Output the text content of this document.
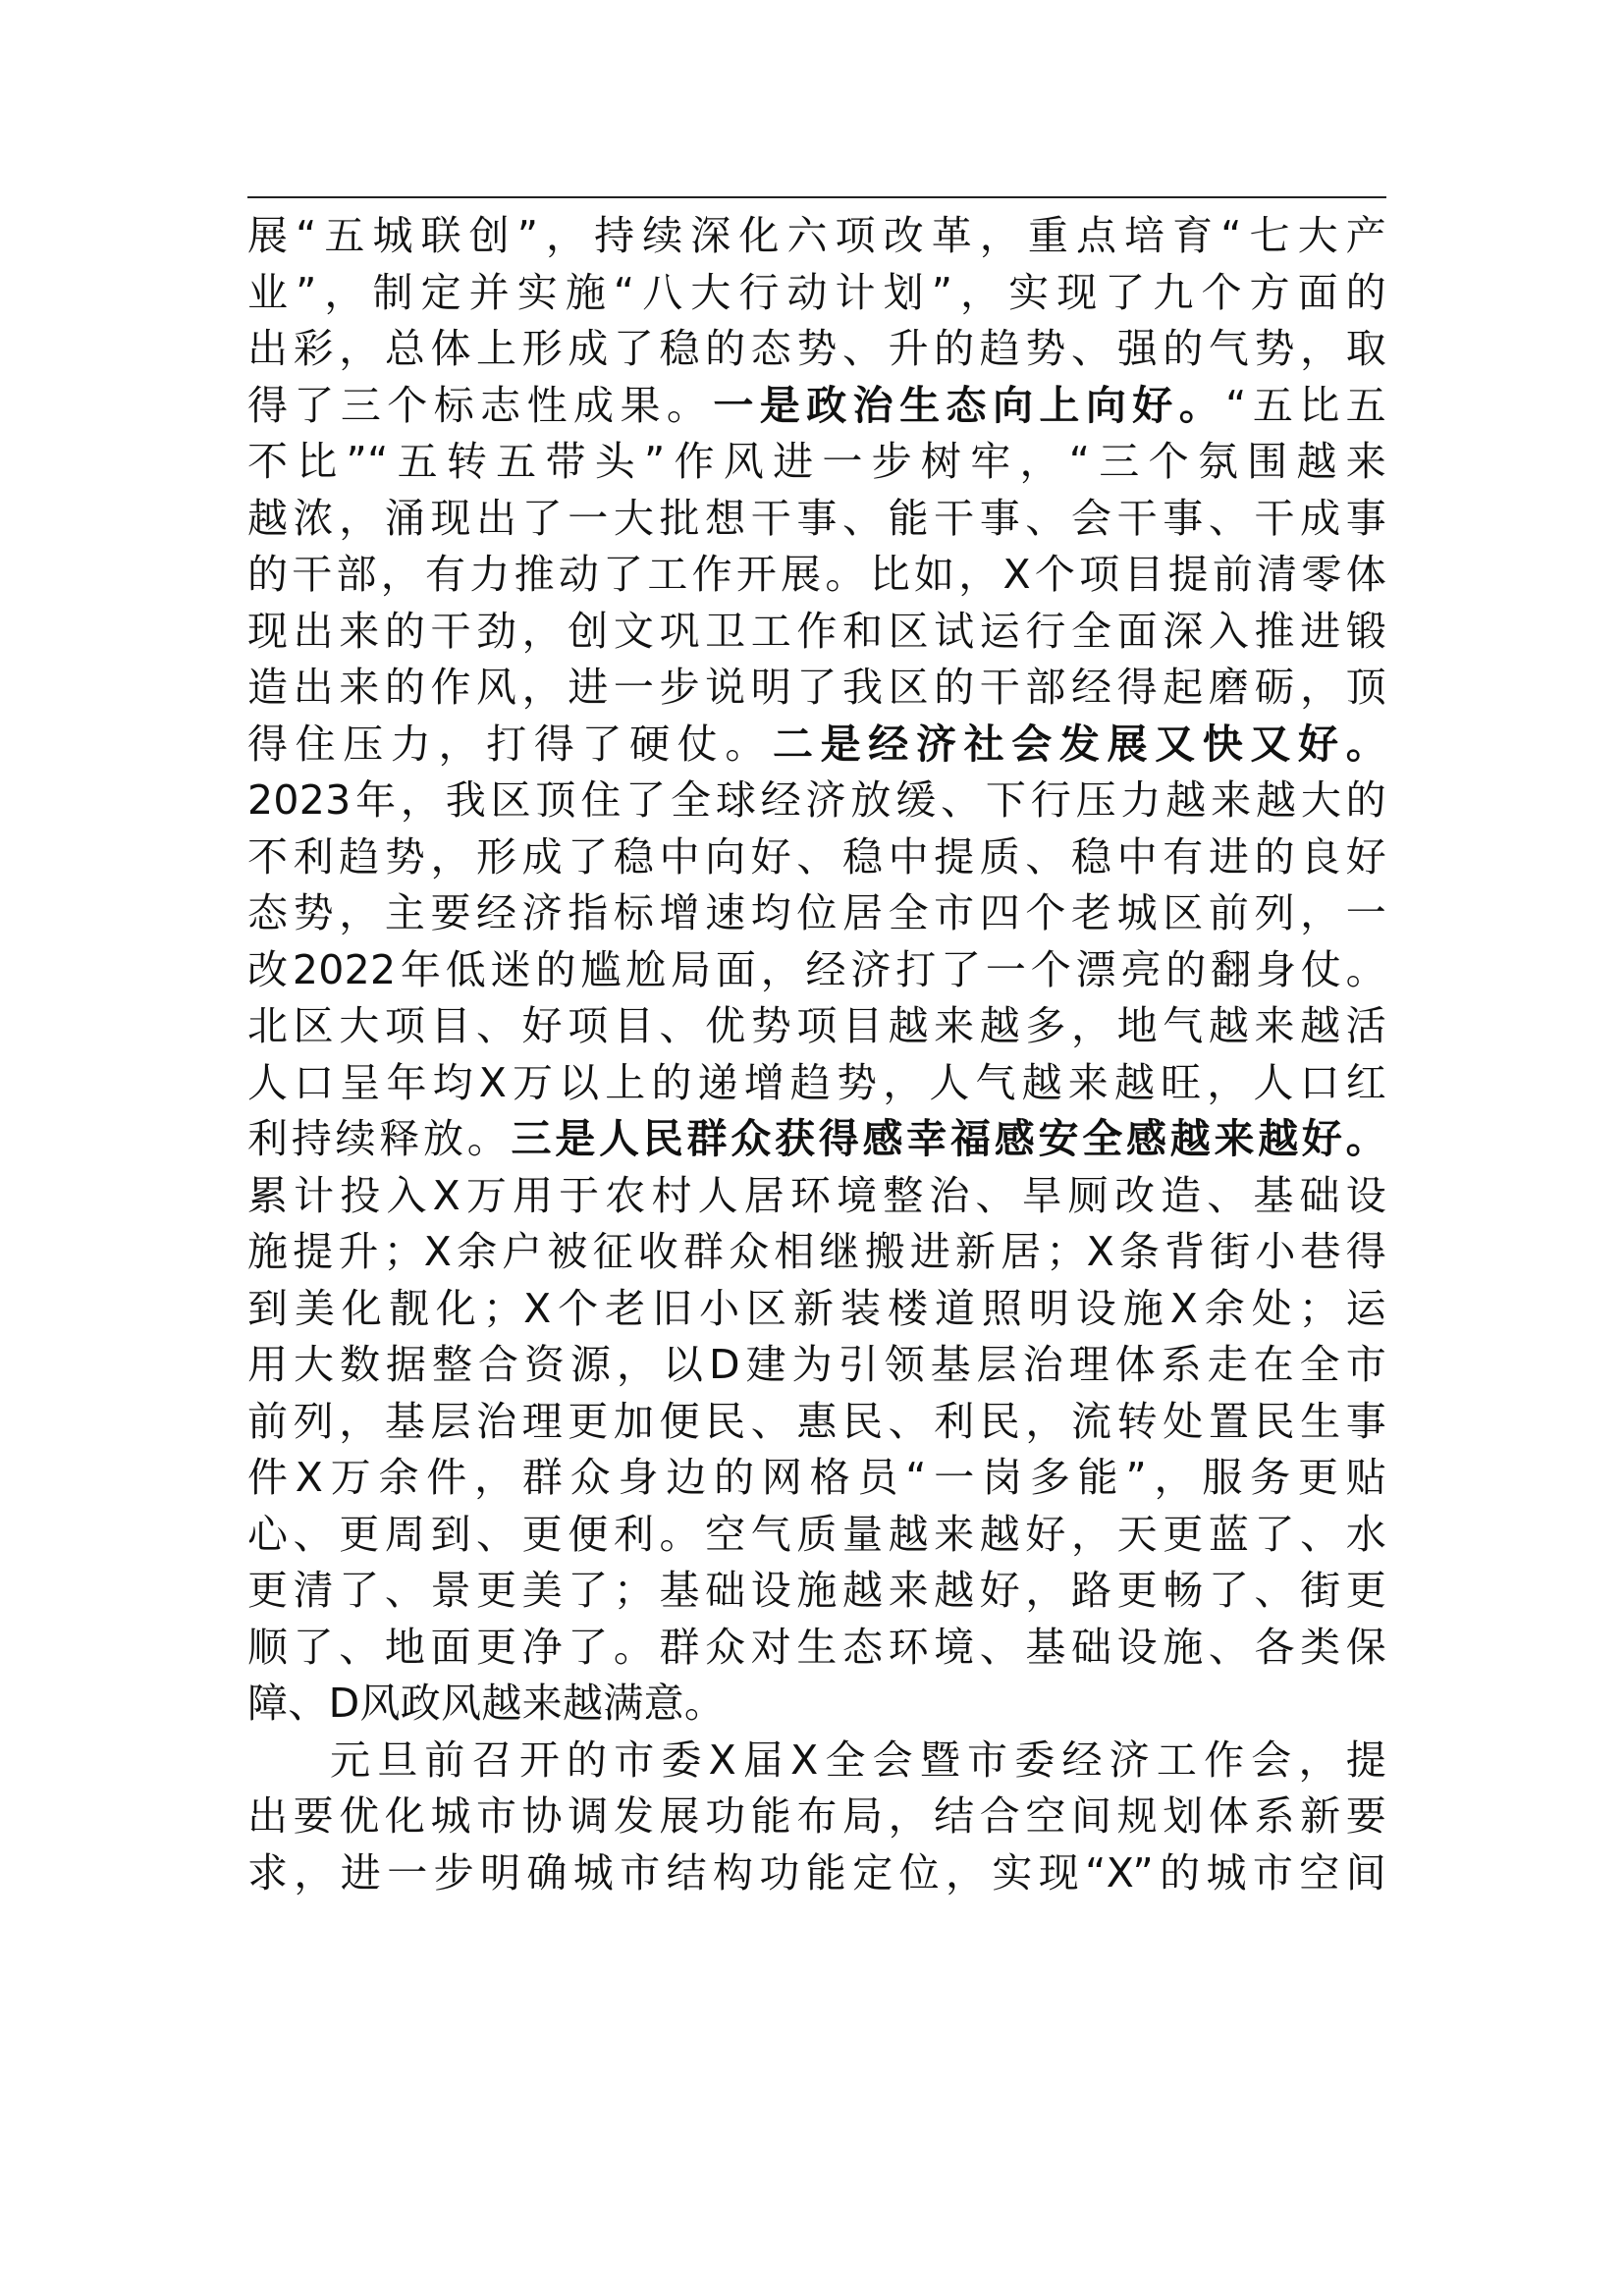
展“五城联创”，持续深化六项改革，重点培育“七大产
业”，制定并实施“八大行动计划”，实现了九个方面的
出彩，总体上形成了稳的态势、升的趋势、强的气势，取
得了三个标志性成果。一是政治生态向上向好。“五比五
不比”“五转五带头”作风进一步树牢，“三个氛围越来
越浓，涌现出了一大批想干事、能干事、会干事、干成事
的干部，有力推动了工作开展。比如，X个项目提前清零体
现出来的干劲，创文巩卫工作和区试运行全面深入推进锻
造出来的作风，进一步说明了我区的干部经得起磨砺，顶
得住压力，打得了硬仗。二是经济社会发展又快又好。
2023年，我区顶住了全球经济放缓、下行压力越来越大的
不利趋势，形成了稳中向好、稳中提质、稳中有进的良好
态势，主要经济指标增速均位居全市四个老城区前列，一
改2022年低迷的尴尬局面，经济打了一个漂亮的翻身仗。
北区大项目、好项目、优势项目越来越多，地气越来越活
人口呈年均X万以上的递增趋势，人气越来越旺，人口红
利持续释放。三是人民群众获得感幸福感安全感越来越好。
累计投入X万用于农村人居环境整治、旱厕改造、基础设
施提升；X余户被征收群众相继搬进新居；X条背街小巷得
到美化靓化；X个老旧小区新装楼道照明设施X余处；运
用大数据整合资源，以D建为引领基层治理体系走在全市
前列，基层治理更加便民、惠民、利民，流转处置民生事
件X万余件，群众身边的网格员“一岗多能”，服务更贴
心、更周到、更便利。空气质量越来越好，天更蓝了、水
更清了、景更美了；基础设施越来越好，路更畅了、街更
顺了、地面更净了。群众对生态环境、基础设施、各类保
障、D风政风越来越满意。
元旦前召开的市委X届X全会暨市委经济工作会，提
出要优化城市协调发展功能布局，结合空间规划体系新要
求，进一步明确城市结构功能定位，实现“X”的城市空间
